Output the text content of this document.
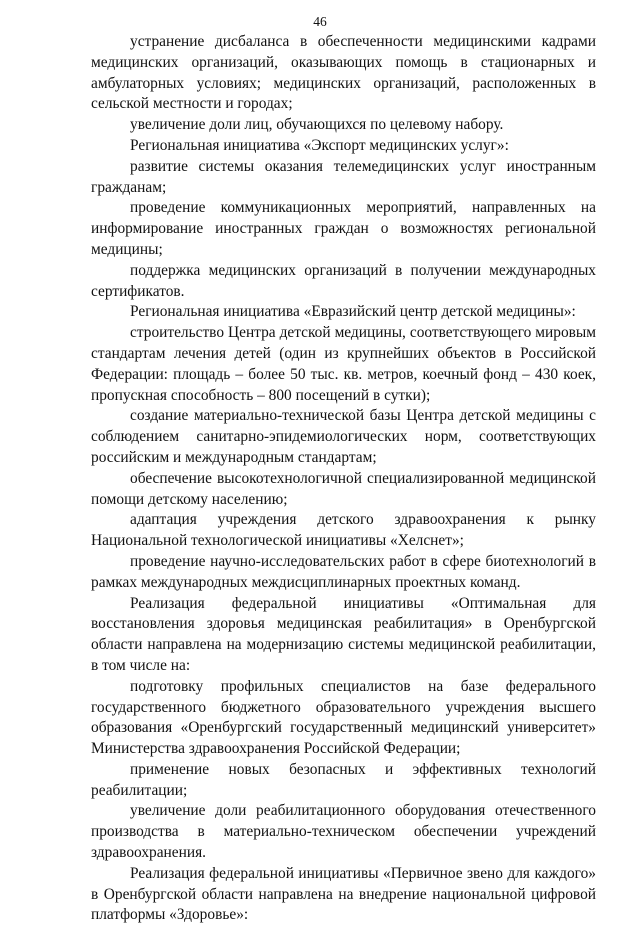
46

устранение дисбаланса в обеспеченности медицинскими кадрами медицинских организаций, оказывающих помощь в стационарных и амбулаторных условиях; медицинских организаций, расположенных в сельской местности и городах;

увеличение доли лиц, обучающихся по целевому набору.

Региональная инициатива «Экспорт медицинских услуг»:

развитие системы оказания телемедицинских услуг иностранным гражданам;

проведение коммуникационных мероприятий, направленных на информирование иностранных граждан о возможностях региональной медицины;

поддержка медицинских организаций в получении международных сертификатов.

Региональная инициатива «Евразийский центр детской медицины»:

строительство Центра детской медицины, соответствующего мировым стандартам лечения детей (один из крупнейших объектов в Российской Федерации: площадь – более 50 тыс. кв. метров, коечный фонд – 430 коек, пропускная способность – 800 посещений в сутки);

создание материально-технической базы Центра детской медицины с соблюдением санитарно-эпидемиологических норм, соответствующих российским и международным стандартам;

обеспечение высокотехнологичной специализированной медицинской помощи детскому населению;

адаптация учреждения детского здравоохранения к рынку Национальной технологической инициативы «Хелснет»;

проведение научно-исследовательских работ в сфере биотехнологий в рамках международных междисциплинарных проектных команд.

Реализация федеральной инициативы «Оптимальная для восстановления здоровья медицинская реабилитация» в Оренбургской области направлена на модернизацию системы медицинской реабилитации, в том числе на:

подготовку профильных специалистов на базе федерального государственного бюджетного образовательного учреждения высшего образования «Оренбургский государственный медицинский университет» Министерства здравоохранения Российской Федерации;

применение новых безопасных и эффективных технологий реабилитации;

увеличение доли реабилитационного оборудования отечественного производства в материально-техническом обеспечении учреждений здравоохранения.

Реализация федеральной инициативы «Первичное звено для каждого» в Оренбургской области направлена на внедрение национальной цифровой платформы «Здоровье»:
